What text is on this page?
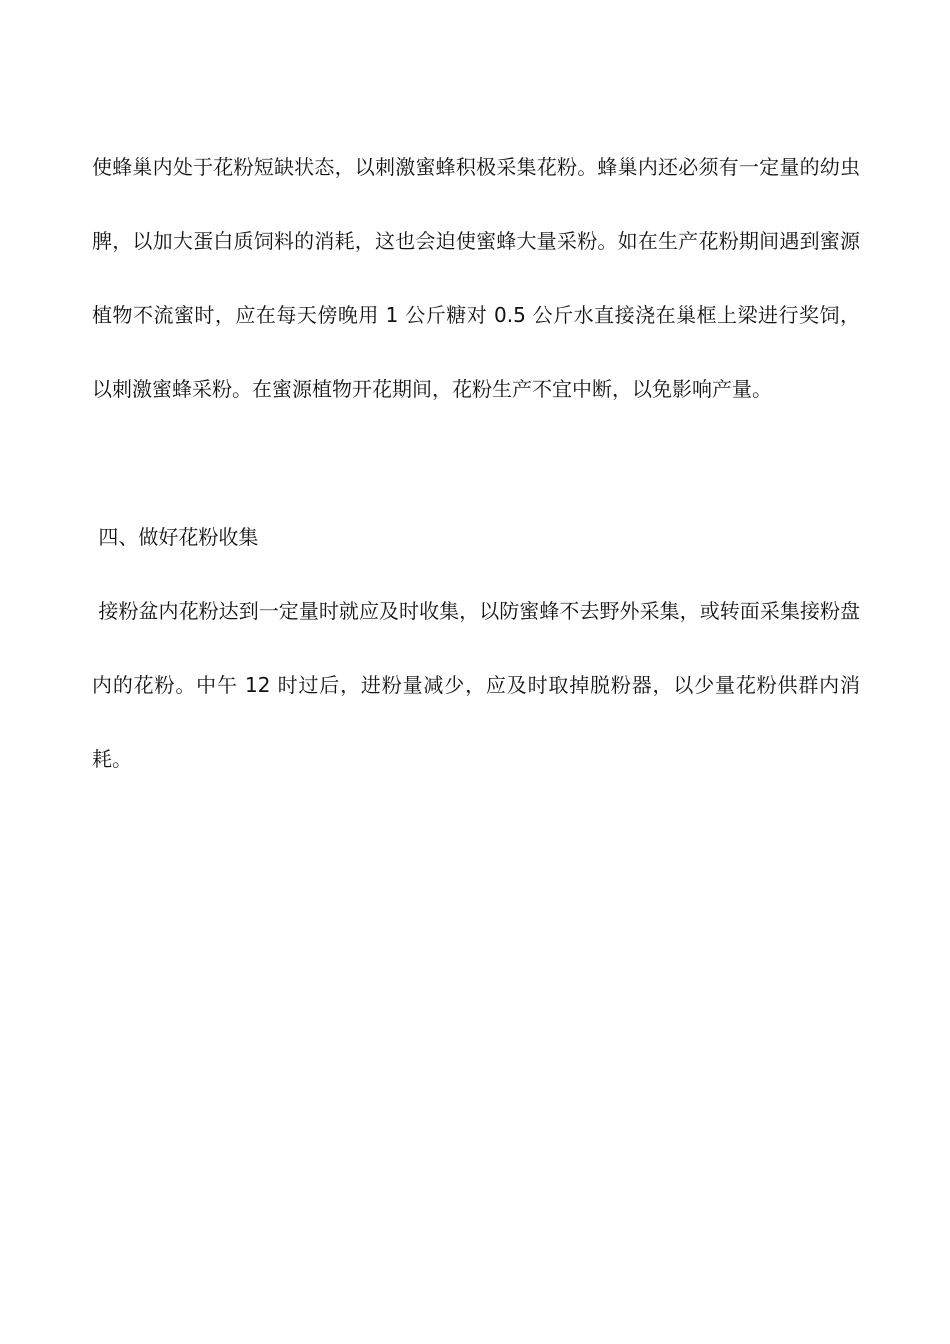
使蜂巢内处于花粉短缺状态，以刺激蜜蜂积极采集花粉。蜂巢内还必须有一定量的幼虫脾，以加大蛋白质饲料的消耗，这也会迫使蜜蜂大量采粉。如在生产花粉期间遇到蜜源植物不流蜜时，应在每天傍晚用 1 公斤糖对 0.5 公斤水直接浇在巢框上梁进行奖饲，以刺激蜜蜂采粉。在蜜源植物开花期间，花粉生产不宜中断，以免影响产量。

四、做好花粉收集

接粉盆内花粉达到一定量时就应及时收集，以防蜜蜂不去野外采集，或转面采集接粉盘内的花粉。中午 12 时过后，进粉量减少，应及时取掉脱粉器，以少量花粉供群内消耗。
